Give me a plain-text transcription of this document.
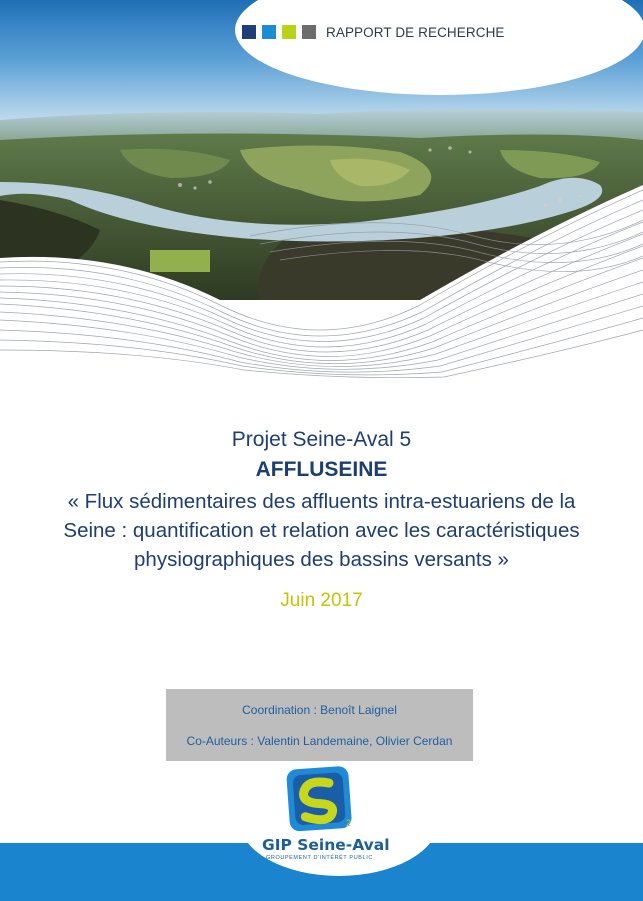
RAPPORT DE RECHERCHE
Projet Seine-Aval 5
AFFLUSEINE
« Flux sédimentaires des affluents intra-estuariens de la Seine : quantification et relation avec les caractéristiques physiographiques des bassins versants »
Juin 2017
Coordination : Benoît Laignel
Co-Auteurs : Valentin Landemaine, Olivier Cerdan
2
GIP Seine-Aval
GROUPEMENT D'INTÉRÊT PUBLIC
